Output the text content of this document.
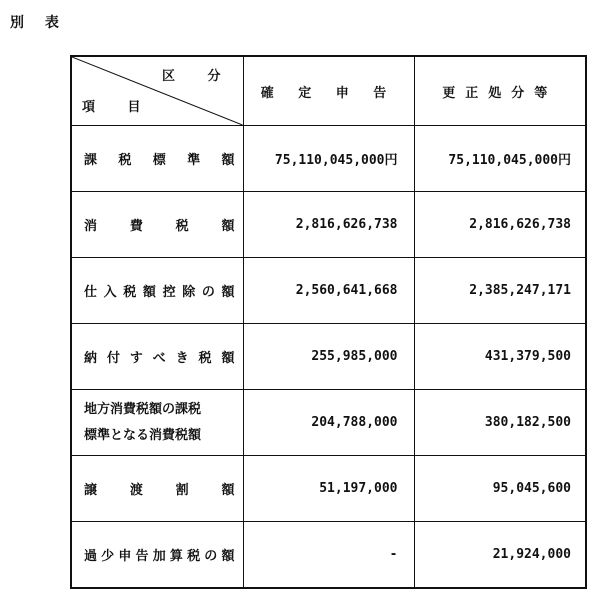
別 表
区 分
項 目	確 定 申 告	更正処分等

課税標準額	75,110,045,000円	75,110,045,000円

消費税額	2,816,626,738	2,816,626,738

仕入税額控除の額	2,560,641,668	2,385,247,171

納付すべき税額	255,985,000	431,379,500

地方消費税額の課税
標準となる消費税額	204,788,000	380,182,500

譲渡割額	51,197,000	95,045,600

過少申告加算税の額	-	21,924,000
